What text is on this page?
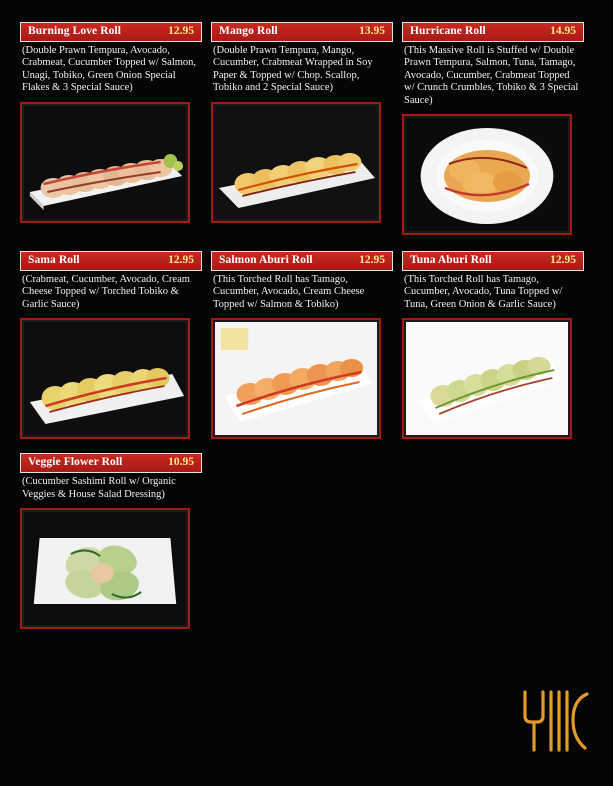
Burning Love Roll	12.95
(Double Prawn Tempura, Avocado, Crabmeat, Cucumber Topped w/ Salmon, Unagi, Tobiko, Green Onion Special Flakes & 3 Special Sauce)
Mango Roll	13.95
(Double Prawn Tempura, Mango, Cucumber, Crabmeat Wrapped in Soy Paper & Topped w/ Chop. Scallop, Tobiko and 2 Special Sauce)
Hurricane Roll	14.95
(This Massive Roll is Stuffed w/ Double Prawn Tempura, Salmon, Tuna, Tamago, Avocado, Cucumber, Crabmeat Topped w/ Crunch Crumbles, Tobiko & 3 Special Sauce)
Sama Roll	12.95
(Crabmeat, Cucumber, Avocado, Cream Cheese Topped w/ Torched Tobiko & Garlic Sauce)
Salmon Aburi Roll	12.95
(This Torched Roll has Tamago, Cucumber, Avocado, Cream Cheese Topped w/ Salmon & Tobiko)
Tuna Aburi Roll	12.95
(This Torched Roll has Tamago, Cucumber, Avocado, Tuna Topped w/ Tuna, Green Onion & Garlic Sauce)
Veggie Flower Roll	10.95
(Cucumber Sashimi Roll w/ Organic Veggies & House Salad Dressing)
